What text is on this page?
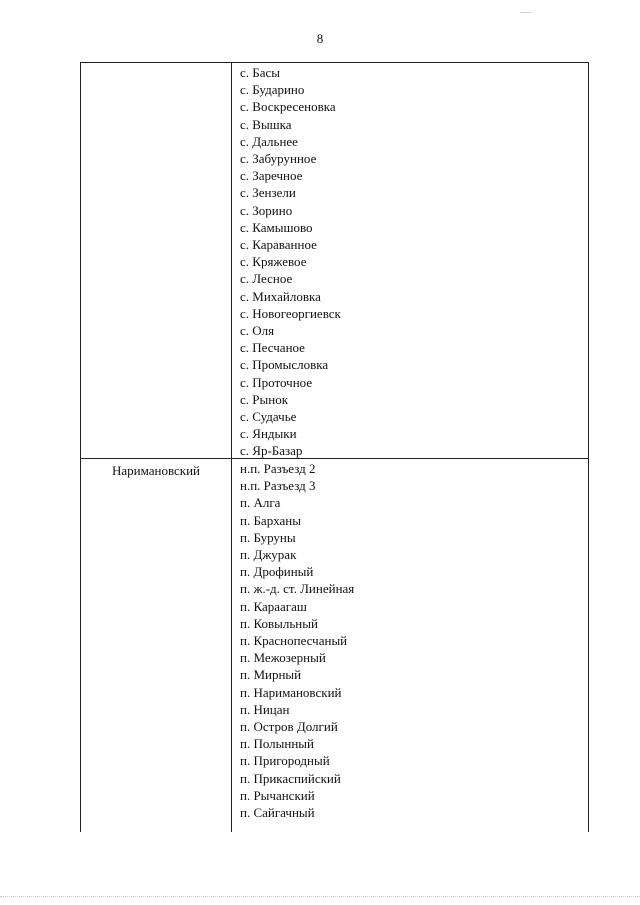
8
с. Басы
с. Бударино
с. Воскресеновка
с. Вышка
с. Дальнее
с. Забурунное
с. Заречное
с. Зензели
с. Зорино
с. Камышово
с. Караванное
с. Кряжевое
с. Лесное
с. Михайловка
с. Новогеоргиевск
с. Оля
с. Песчаное
с. Промысловка
с. Проточное
с. Рынок
с. Судачье
с. Яндыки
с. Яр-Базар
Наримановский	н.п. Разъезд 2
н.п. Разъезд 3
п. Алга
п. Барханы
п. Буруны
п. Джурак
п. Дрофиный
п. ж.-д. ст. Линейная
п. Караагаш
п. Ковыльный
п. Краснопесчаный
п. Межозерный
п. Мирный
п. Наримановский
п. Ницан
п. Остров Долгий
п. Полынный
п. Пригородный
п. Прикаспийский
п. Рычанский
п. Сайгачный
